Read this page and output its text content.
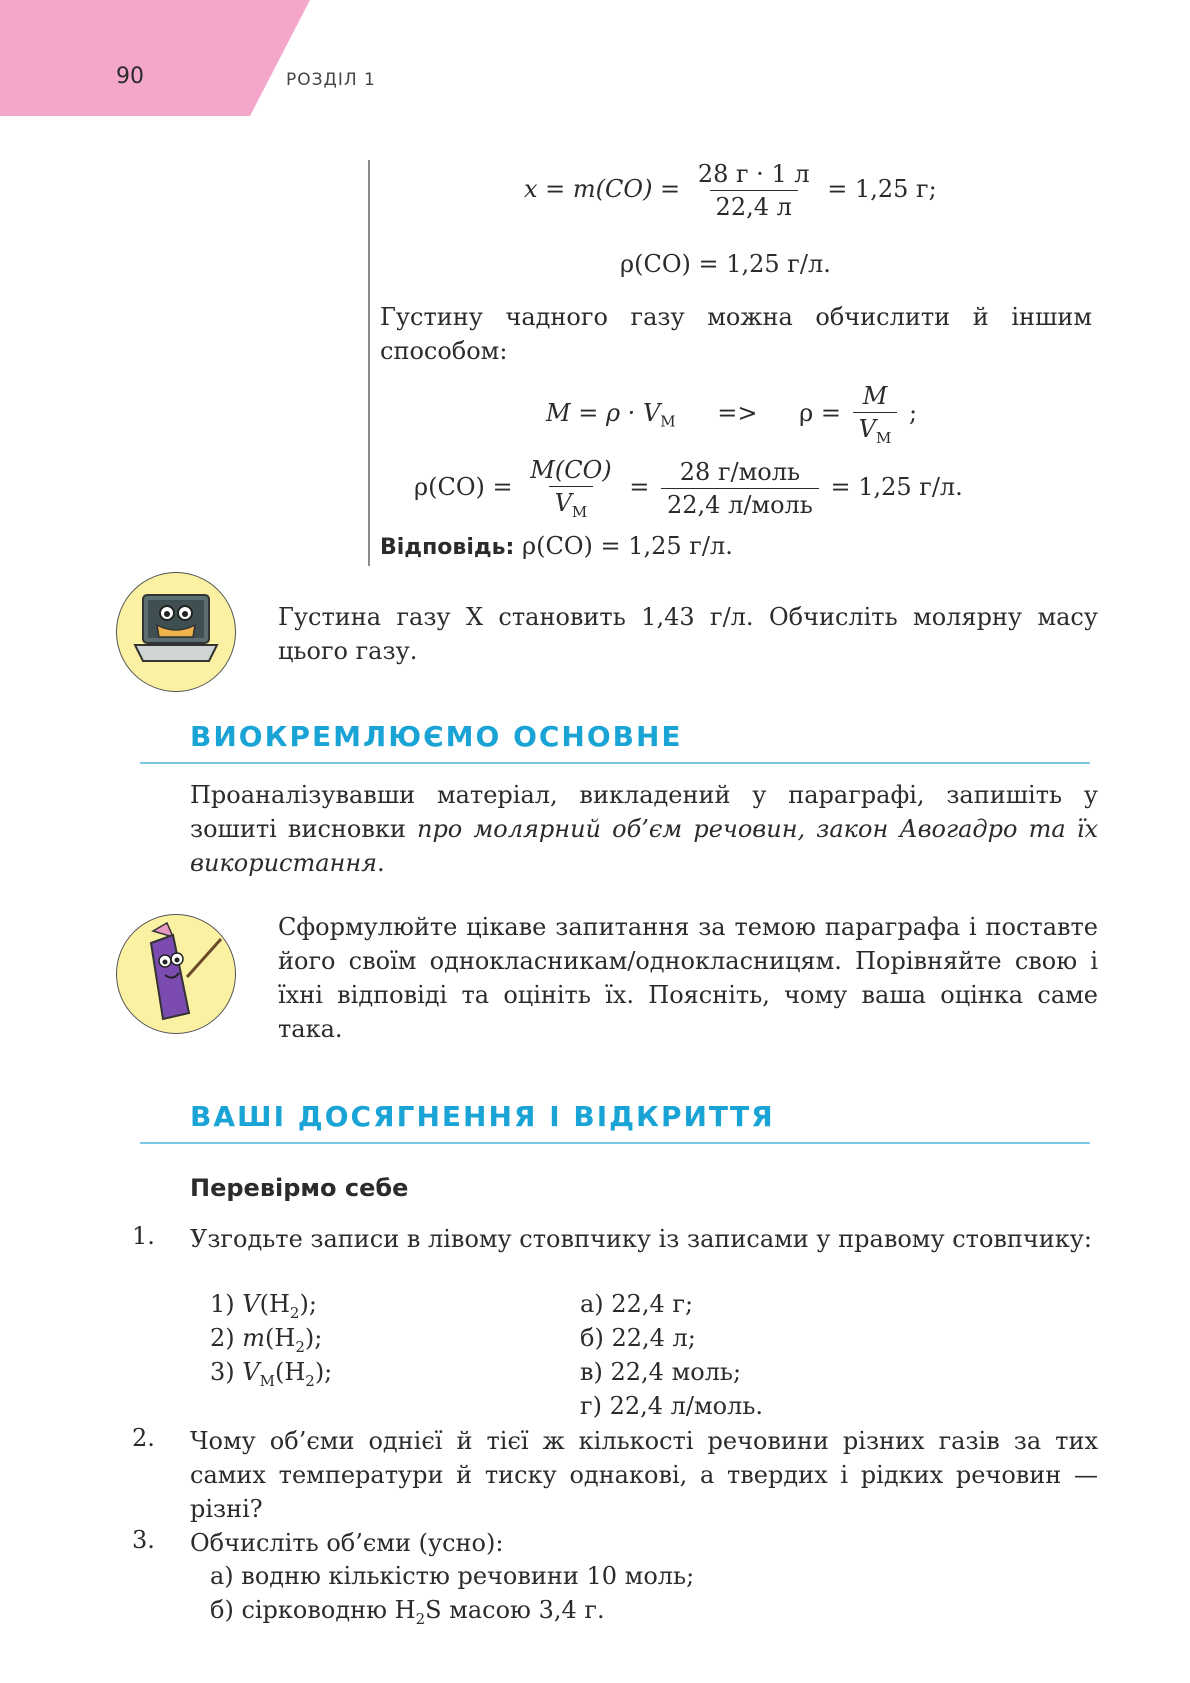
90	РОЗДІЛ 1
$x = m(CO) = \frac{28 г \cdot 1 л}{22,4 л} = 1,25$ г;
ρ(CO) = 1,25 г/л.
Густину чадного газу можна обчислити й іншим способом:
$M = \rho \cdot V_M => \rho = \frac{M}{V_M}$ ;
$\rho(CO) = \frac{M(CO)}{V_M} = \frac{\text{28 г/моль}}{\text{22,4 л/моль}} = 1,25$ г/л.
Відповідь: ρ(CO) = 1,25 г/л.
Густина газу X становить 1,43 г/л. Обчисліть молярну масу цього газу.
ВИОКРЕМЛЮЄМО ОСНОВНЕ
Проаналізувавши матеріал, викладений у параграфі, запишіть у зошиті висновки про молярний об’єм речовин, закон Авогадро та їх використання.
Сформулюйте цікаве запитання за темою параграфа і поставте його своїм однокласникам/однокласницям. Порівняйте свою і їхні відповіді та оцініть їх. Поясніть, чому ваша оцінка саме така.
ВАШІ ДОСЯГНЕННЯ І ВІДКРИТТЯ
Перевірмо себе
1. Узгодьте записи в лівому стовпчику із записами у правому стовпчику:
1) $V(H_2)$;
2) $m(H_2)$;
3) $V_M(H_2)$;
а) 22,4 г;
б) 22,4 л;
в) 22,4 моль;
г) 22,4 л/моль.
2. Чому об’єми однієї й тієї ж кількості речовини різних газів за тих самих температури й тиску однакові, а твердих і рідких речовин — різні?
3. Обчисліть об’єми (усно):
а) водню кількістю речовини 10 моль;
б) сірководню $H_2S$ масою 3,4 г.
